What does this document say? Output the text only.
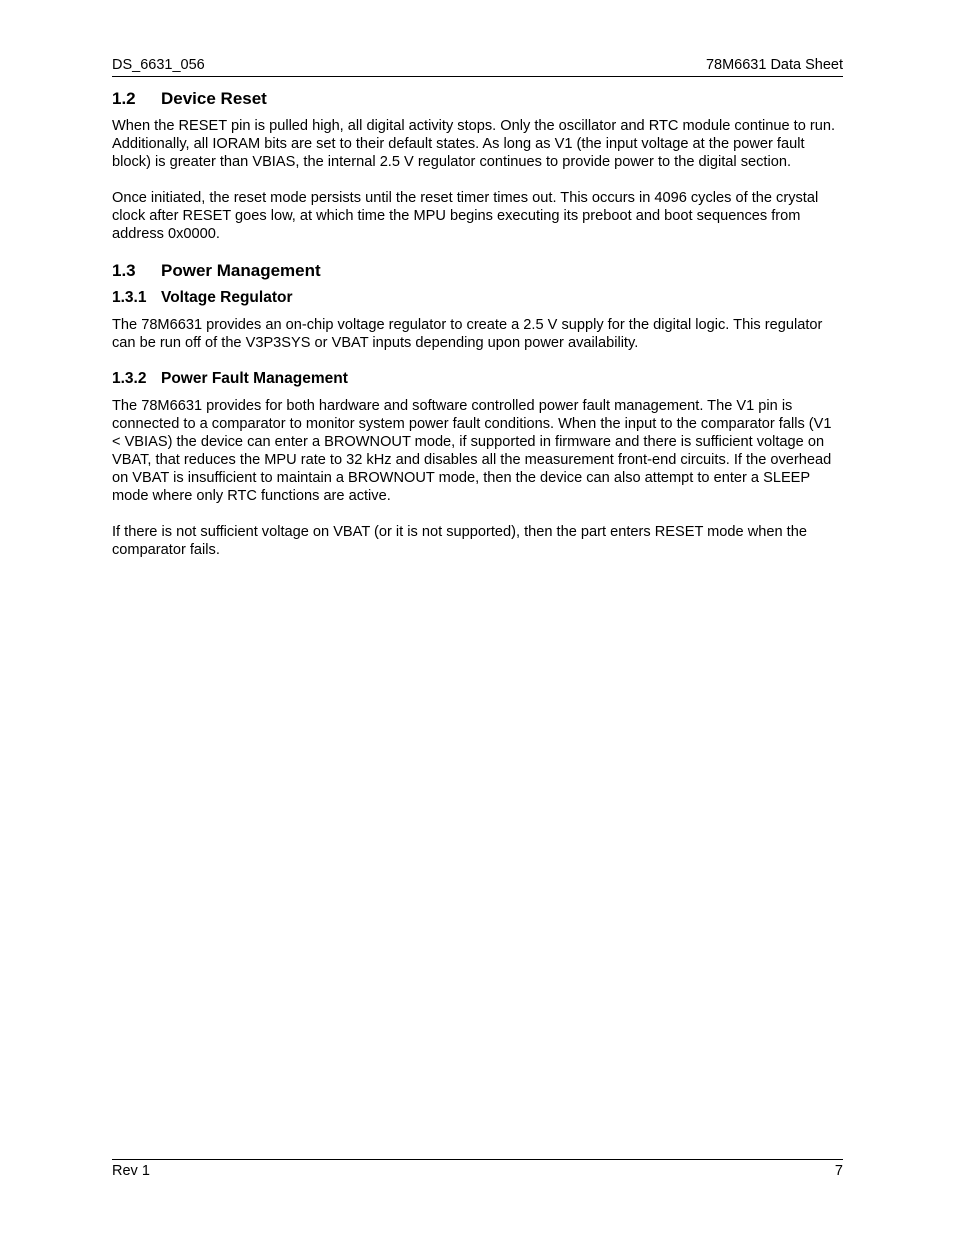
DS_6631_056	78M6631 Data Sheet
1.2	Device Reset

When the RESET pin is pulled high, all digital activity stops. Only the oscillator and RTC module continue to run. Additionally, all IORAM bits are set to their default states. As long as V1 (the input voltage at the power fault block) is greater than VBIAS, the internal 2.5 V regulator continues to provide power to the digital section.

Once initiated, the reset mode persists until the reset timer times out. This occurs in 4096 cycles of the crystal clock after RESET goes low, at which time the MPU begins executing its preboot and boot sequences from address 0x0000.

1.3	Power Management
1.3.1 Voltage Regulator

The 78M6631 provides an on-chip voltage regulator to create a 2.5 V supply for the digital logic. This regulator can be run off of the V3P3SYS or VBAT inputs depending upon power availability.

1.3.2 Power Fault Management

The 78M6631 provides for both hardware and software controlled power fault management. The V1 pin is connected to a comparator to monitor system power fault conditions. When the input to the comparator falls (V1 < VBIAS) the device can enter a BROWNOUT mode, if supported in firmware and there is sufficient voltage on VBAT, that reduces the MPU rate to 32 kHz and disables all the measurement front-end circuits. If the overhead on VBAT is insufficient to maintain a BROWNOUT mode, then the device can also attempt to enter a SLEEP mode where only RTC functions are active.

If there is not sufficient voltage on VBAT (or it is not supported), then the part enters RESET mode when the comparator fails.

Rev 1	7
